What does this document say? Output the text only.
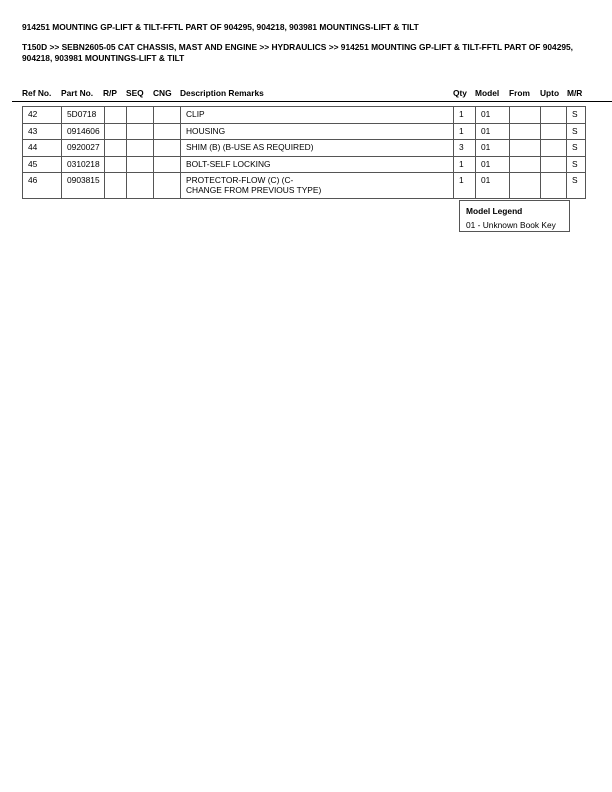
914251 MOUNTING GP-LIFT & TILT-FFTL PART OF 904295, 904218, 903981 MOUNTINGS-LIFT & TILT
T150D >> SEBN2605-05 CAT CHASSIS, MAST AND ENGINE >> HYDRAULICS >> 914251 MOUNTING GP-LIFT & TILT-FFTL PART OF 904295, 904218, 903981 MOUNTINGS-LIFT & TILT
Ref No. Part No. R/P SEQ CNG Description Remarks	Qty Model From Upto M/R
42	5D0718				CLIP	1	01			S
43	0914606				HOUSING	1	01			S
44	0920027				SHIM (B) (B-USE AS REQUIRED)	3	01			S
45	0310218				BOLT-SELF LOCKING	1	01			S
46	0903815				PROTECTOR-FLOW (C) (C-
CHANGE FROM PREVIOUS TYPE)	1	01			S
Model Legend
01 - Unknown Book Key
